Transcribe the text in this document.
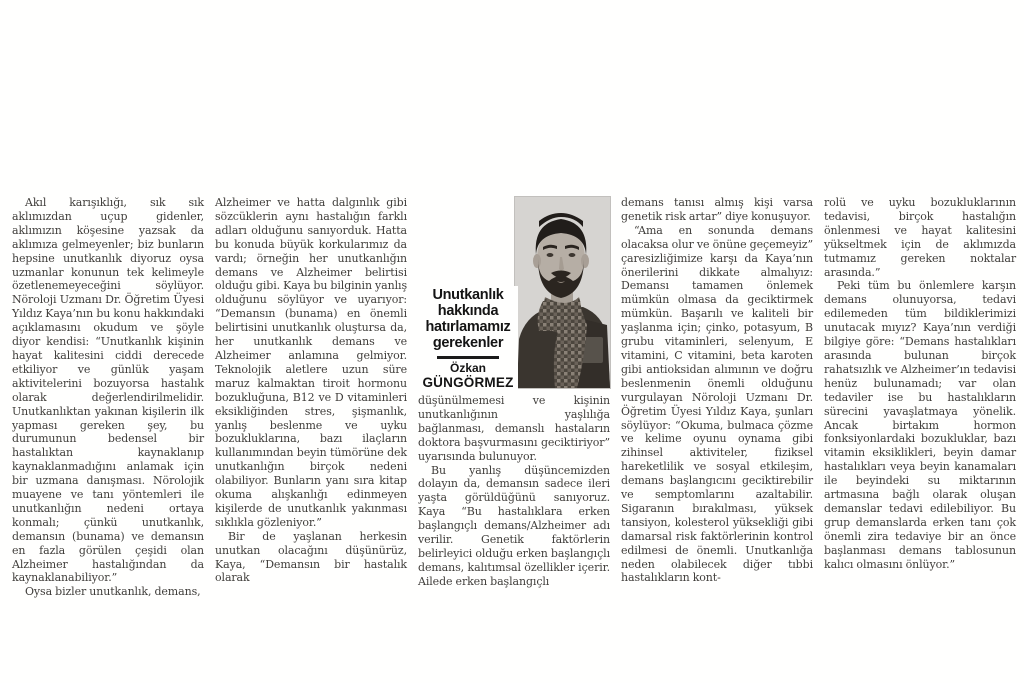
Akıl karışıklığı, sık sık aklımızdan uçup gidenler, aklımızın köşesine yazsak da aklımıza gelmeyenler; biz bunların hepsine unutkanlık diyoruz oysa uzmanlar konunun tek kelimeyle özetlenemeyeceğini söylüyor. Nöroloji Uzmanı Dr. Öğretim Üyesi Yıldız Kaya’nın bu konu hakkındaki açıklamasını okudum ve şöyle diyor kendisi: “Unutkanlık kişinin hayat kalitesini ciddi derecede etkiliyor ve günlük yaşam aktivitelerini bozuyorsa hastalık olarak değerlendirilmelidir. Unutkanlıktan yakınan kişilerin ilk yapması gereken şey, bu durumunun bedensel bir hastalıktan kaynaklanıp kaynaklanmadığını anlamak için bir uzmana danışması. Nörolojik muayene ve tanı yöntemleri ile unutkanlığın nedeni ortaya konmalı; çünkü unutkanlık, demansın (bunama) ve demansın en fazla görülen çeşidi olan Alzheimer hastalığından da kaynaklanabiliyor.”

Oysa bizler unutkanlık, demans,

Alzheimer ve hatta dalgınlık gibi sözcüklerin aynı hastalığın farklı adları olduğunu sanıyorduk. Hatta bu konuda büyük korkularımız da vardı; örneğin her unutkanlığın demans ve Alzheimer belirtisi olduğu gibi. Kaya bu bilginin yanlış olduğunu söylüyor ve uyarıyor: “Demansın (bunama) en önemli belirtisini unutkanlık oluştursa da, her unutkanlık demans ve Alzheimer anlamına gelmiyor. Teknolojik aletlere uzun süre maruz kalmaktan tiroit hormonu bozukluğuna, B12 ve D vitaminleri eksikliğinden stres, şişmanlık, yanlış beslenme ve uyku bozukluklarına, bazı ilaçların kullanımından beyin tümörüne dek unutkanlığın birçok nedeni olabiliyor. Bunların yanı sıra kitap okuma alışkanlığı edinmeyen kişilerde de unutkanlık yakınması sıklıkla gözleniyor.”

Bir de yaşlanan herkesin unutkan olacağını düşünürüz, Kaya, “Demansın bir hastalık olarak

Unutkanlık
hakkında
hatırlamamız
gerekenler
Özkan
GÜNGÖRMEZ

düşünülmemesi ve kişinin unutkanlığının yaşlılığa bağlanması, demanslı hastaların doktora başvurmasını geciktiriyor” uyarısında bulunuyor.

Bu yanlış düşüncemizden dolayın da, demansın sadece ileri yaşta görüldüğünü sanıyoruz. Kaya “Bu hastalıklara erken başlangıçlı demans/Alzheimer adı verilir. Genetik faktörlerin belirleyici olduğu erken başlangıçlı demans, kalıtımsal özellikler içerir. Ailede erken başlangıçlı

demans tanısı almış kişi varsa genetik risk artar” diye konuşuyor.

“Ama en sonunda demans olacaksa olur ve önüne geçemeyiz” çaresizliğimize karşı da Kaya’nın önerilerini dikkate almalıyız: Demansı tamamen önlemek mümkün olmasa da geciktirmek mümkün. Başarılı ve kaliteli bir yaşlanma için; çinko, potasyum, B grubu vitaminleri, selenyum, E vitamini, C vitamini, beta karoten gibi antioksidan alımının ve doğru beslenmenin önemli olduğunu vurgulayan Nöroloji Uzmanı Dr. Öğretim Üyesi Yıldız Kaya, şunları söylüyor: “Okuma, bulmaca çözme ve kelime oyunu oynama gibi zihinsel aktiviteler, fiziksel hareketlilik ve sosyal etkileşim, demans başlangıcını geciktirebilir ve semptomlarını azaltabilir. Sigaranın bırakılması, yüksek tansiyon, kolesterol yüksekliği gibi damarsal risk faktörlerinin kontrol edilmesi de önemli. Unutkanlığa neden olabilecek diğer tıbbi hastalıkların kont-

rolü ve uyku bozukluklarının tedavisi, birçok hastalığın önlenmesi ve hayat kalitesini yükseltmek için de aklımızda tutmamız gereken noktalar arasında.”

Peki tüm bu önlemlere karşın demans olunuyorsa, tedavi edilemeden tüm bildiklerimizi unutacak mıyız? Kaya’nın verdiği bilgiye göre: “Demans hastalıkları arasında bulunan birçok rahatsızlık ve Alzheimer’ın tedavisi henüz bulunamadı; var olan tedaviler ise bu hastalıkların sürecini yavaşlatmaya yönelik. Ancak birtakım hormon fonksiyonlardaki bozukluklar, bazı vitamin eksiklikleri, beyin damar hastalıkları veya beyin kanamaları ile beyindeki su miktarının artmasına bağlı olarak oluşan demanslar tedavi edilebiliyor. Bu grup demanslarda erken tanı çok önemli zira tedaviye bir an önce başlanması demans tablosunun kalıcı olmasını önlüyor.”
